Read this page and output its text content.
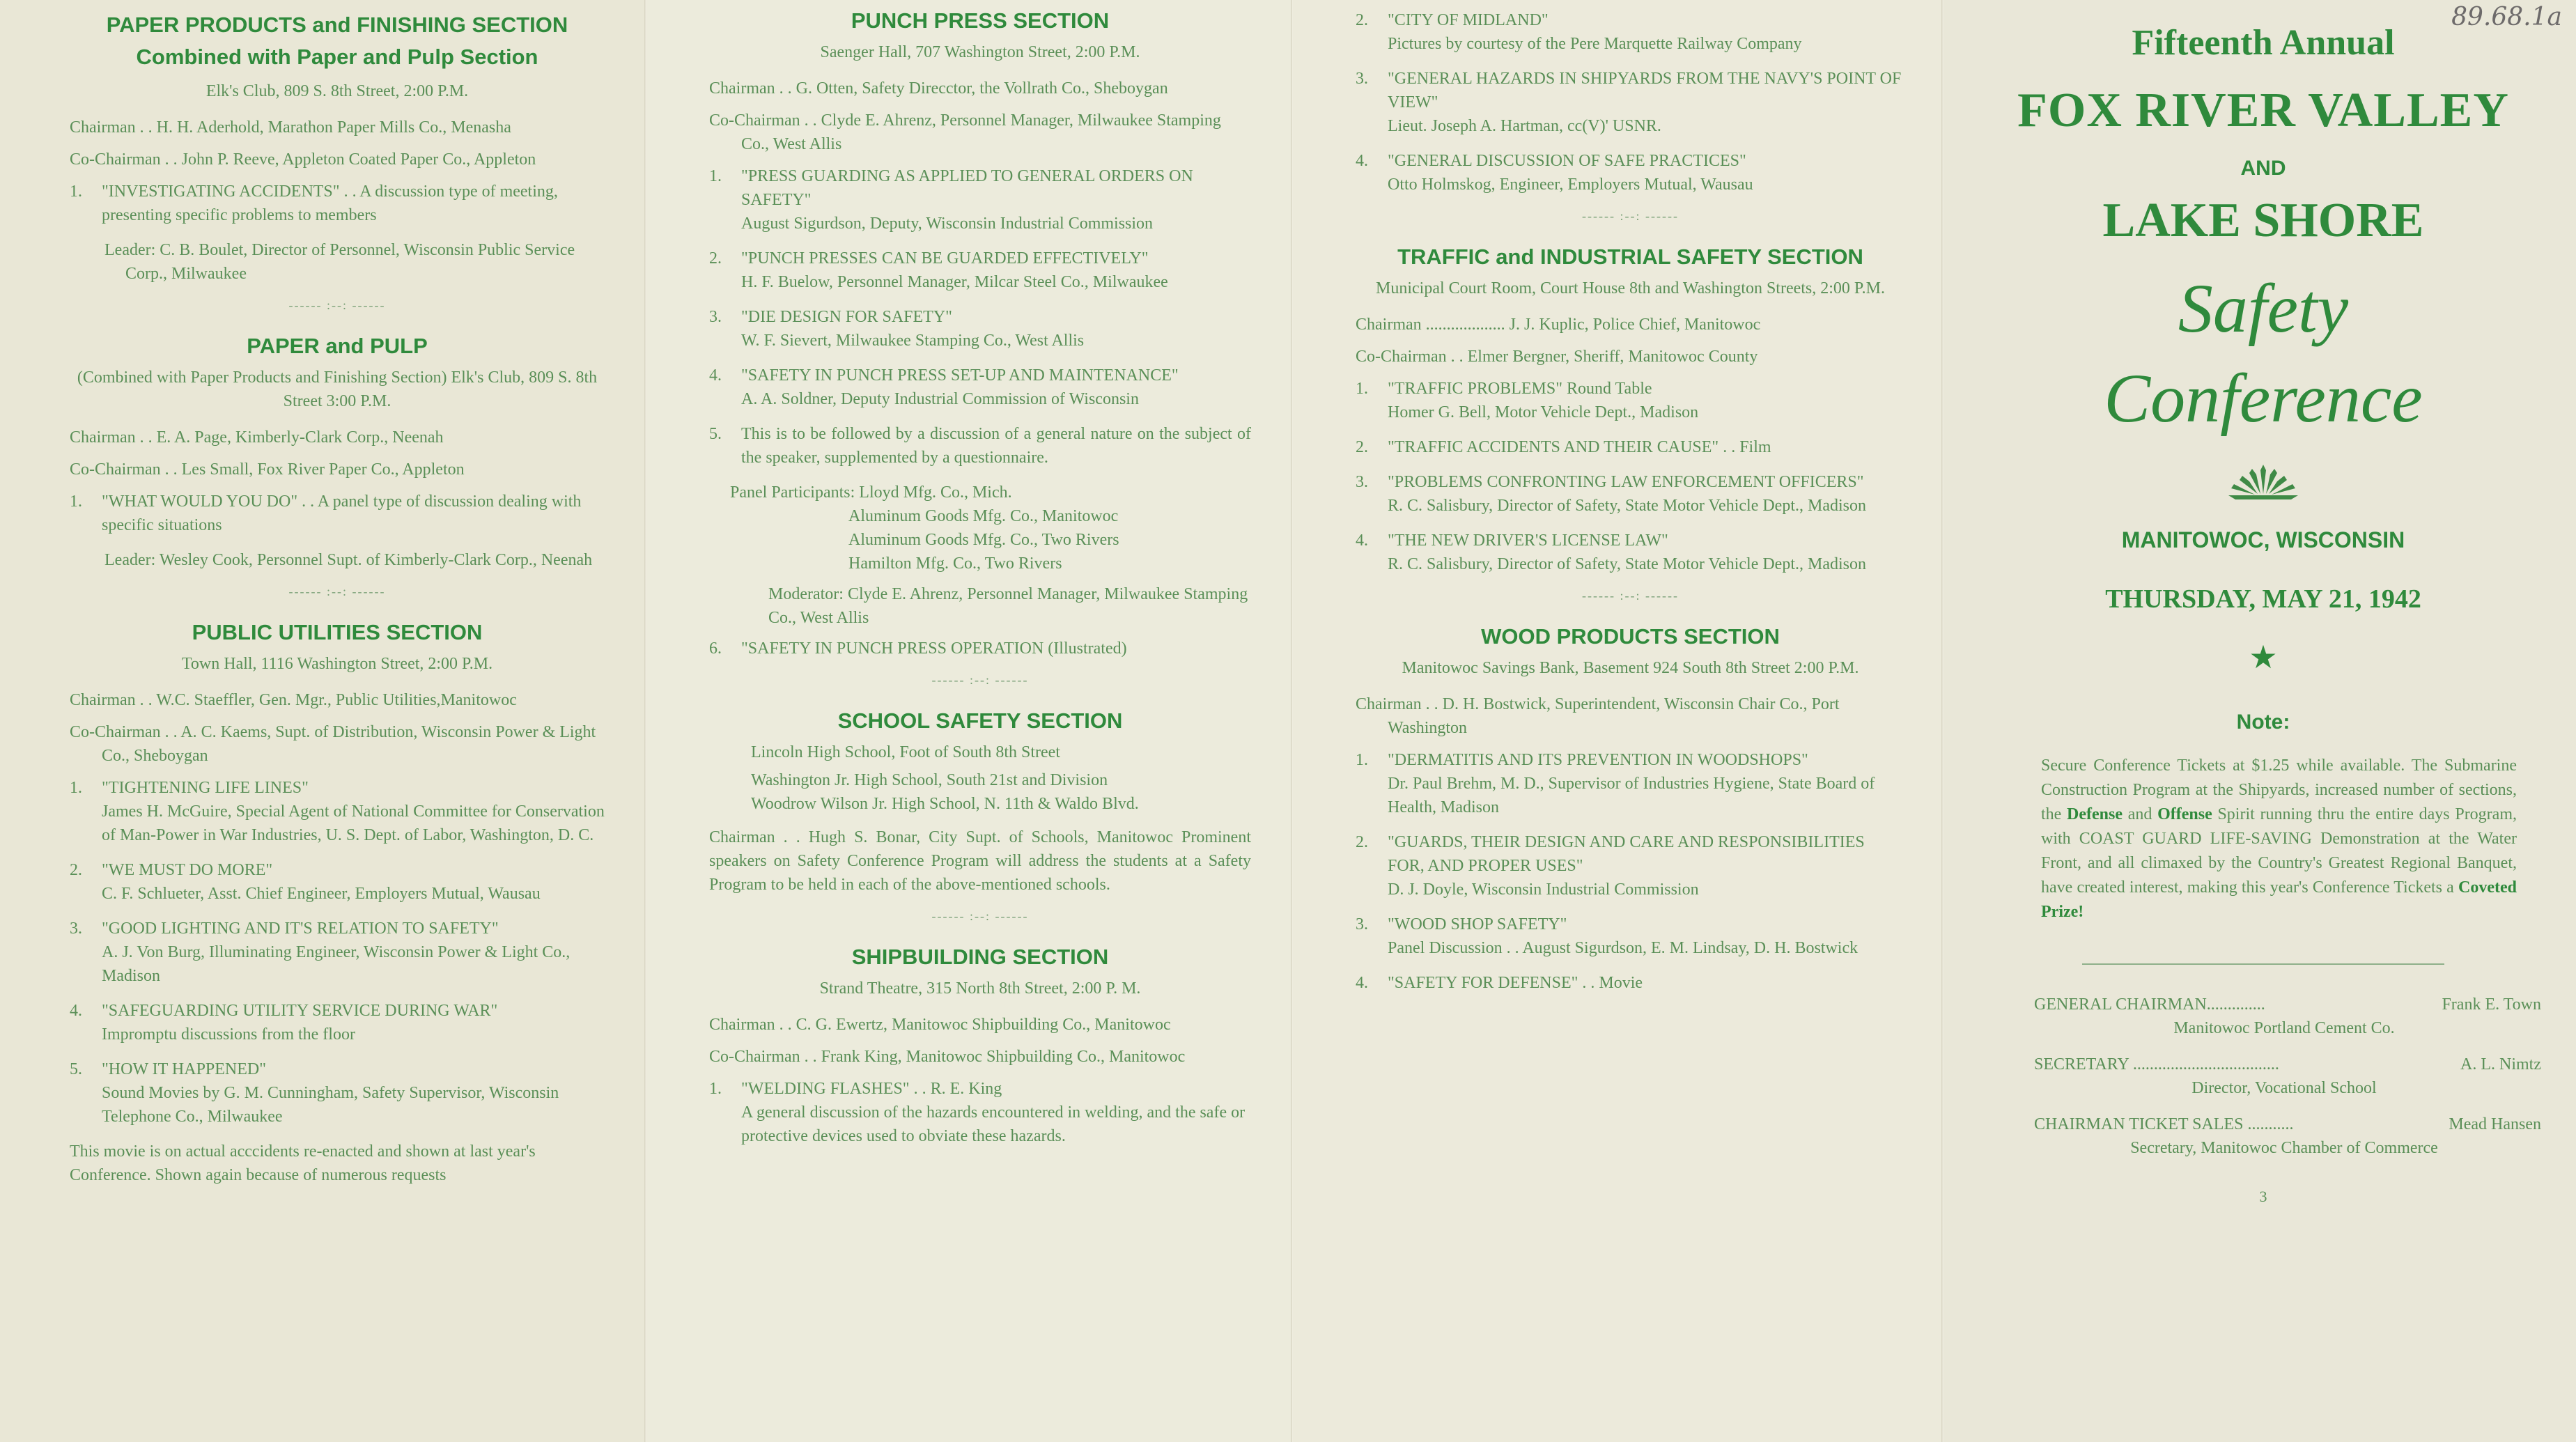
PAPER PRODUCTS and FINISHING SECTION
Combined with Paper and Pulp Section
Elk's Club, 809 S. 8th Street, 2:00 P.M.
Chairman . . H. H. Aderhold, Marathon Paper Mills Co., Menasha
Co-Chairman . . John P. Reeve, Appleton Coated Paper Co., Appleton
1.	"INVESTIGATING ACCIDENTS" . . A discussion type of meeting, presenting specific problems to members
Leader: C. B. Boulet, Director of Personnel, Wisconsin Public Service Corp., Milwaukee
------ :--: ------
PAPER and PULP
(Combined with Paper Products and Finishing Section) Elk's Club, 809 S. 8th Street 3:00 P.M.
Chairman . . E. A. Page, Kimberly-Clark Corp., Neenah
Co-Chairman . . Les Small, Fox River Paper Co., Appleton
1.	"WHAT WOULD YOU DO" . . A panel type of discussion dealing with specific situations
Leader: Wesley Cook, Personnel Supt. of Kimberly-Clark Corp., Neenah
------ :--: ------
PUBLIC UTILITIES SECTION
Town Hall, 1116 Washington Street, 2:00 P.M.
Chairman . . W.C. Staeffler, Gen. Mgr., Public Utilities,Manitowoc
Co-Chairman . . A. C. Kaems, Supt. of Distribution, Wisconsin Power & Light Co., Sheboygan
1.	"TIGHTENING LIFE LINES"
James H. McGuire, Special Agent of National Committee for Conservation of Man-Power in War Industries, U. S. Dept. of Labor, Washington, D. C.
2.	"WE MUST DO MORE"
C. F. Schlueter, Asst. Chief Engineer, Employers Mutual, Wausau
3.	"GOOD LIGHTING AND IT'S RELATION TO SAFETY"
A. J. Von Burg, Illuminating Engineer, Wisconsin Power & Light Co., Madison
4.	"SAFEGUARDING UTILITY SERVICE DURING WAR"
Impromptu discussions from the floor
5.	"HOW IT HAPPENED"
Sound Movies by G. M. Cunningham, Safety Supervisor, Wisconsin Telephone Co., Milwaukee
This movie is on actual acccidents re-enacted and shown at last year's Conference. Shown again because of numerous requests
PUNCH PRESS SECTION
Saenger Hall, 707 Washington Street, 2:00 P.M.
Chairman . . G. Otten, Safety Direcctor, the Vollrath Co., Sheboygan
Co-Chairman . . Clyde E. Ahrenz, Personnel Manager, Milwaukee Stamping Co., West Allis
1.	"PRESS GUARDING AS APPLIED TO GENERAL ORDERS ON SAFETY"
August Sigurdson, Deputy, Wisconsin Industrial Commission
2.	"PUNCH PRESSES CAN BE GUARDED EFFECTIVELY"
H. F. Buelow, Personnel Manager, Milcar Steel Co., Milwaukee
3.	"DIE DESIGN FOR SAFETY"
W. F. Sievert, Milwaukee Stamping Co., West Allis
4.	"SAFETY IN PUNCH PRESS SET-UP AND MAINTENANCE"
A. A. Soldner, Deputy Industrial Commission of Wisconsin
5.	This is to be followed by a discussion of a general nature on the subject of the speaker, supplemented by a questionnaire.
Panel Participants: Lloyd Mfg. Co., Mich.
Aluminum Goods Mfg. Co., Manitowoc
Aluminum Goods Mfg. Co., Two Rivers
Hamilton Mfg. Co., Two Rivers
Moderator: Clyde E. Ahrenz, Personnel Manager, Milwaukee Stamping Co., West Allis
6.	"SAFETY IN PUNCH PRESS OPERATION (Illustrated)
------ :--: ------
SCHOOL SAFETY SECTION
Lincoln High School, Foot of South 8th Street
Washington Jr. High School, South 21st and Division
Woodrow Wilson Jr. High School, N. 11th & Waldo Blvd.
Chairman . . Hugh S. Bonar, City Supt. of Schools, Manitowoc Prominent speakers on Safety Conference Program will address the students at a Safety Program to be held in each of the above-mentioned schools.
------ :--: ------
SHIPBUILDING SECTION
Strand Theatre, 315 North 8th Street, 2:00 P. M.
Chairman . . C. G. Ewertz, Manitowoc Shipbuilding Co., Manitowoc
Co-Chairman . . Frank King, Manitowoc Shipbuilding Co., Manitowoc
1.	"WELDING FLASHES" . . R. E. King
A general discussion of the hazards encountered in welding, and the safe or protective devices used to obviate these hazards.
2.	"CITY OF MIDLAND"
Pictures by courtesy of the Pere Marquette Railway Company
3.	"GENERAL HAZARDS IN SHIPYARDS FROM THE NAVY'S POINT OF VIEW"
Lieut. Joseph A. Hartman, cc(V)' USNR.
4.	"GENERAL DISCUSSION OF SAFE PRACTICES"
Otto Holmskog, Engineer, Employers Mutual, Wausau
------ :--: ------
TRAFFIC and INDUSTRIAL SAFETY SECTION
Municipal Court Room, Court House 8th and Washington Streets, 2:00 P.M.
Chairman ................... J. J. Kuplic, Police Chief, Manitowoc
Co-Chairman . . Elmer Bergner, Sheriff, Manitowoc County
1.	"TRAFFIC PROBLEMS" Round Table
Homer G. Bell, Motor Vehicle Dept., Madison
2.	"TRAFFIC ACCIDENTS AND THEIR CAUSE" . . Film
3.	"PROBLEMS CONFRONTING LAW ENFORCEMENT OFFICERS"
R. C. Salisbury, Director of Safety, State Motor Vehicle Dept., Madison
4.	"THE NEW DRIVER'S LICENSE LAW"
R. C. Salisbury, Director of Safety, State Motor Vehicle Dept., Madison
------ :--: ------
WOOD PRODUCTS SECTION
Manitowoc Savings Bank, Basement 924 South 8th Street 2:00 P.M.
Chairman . . D. H. Bostwick, Superintendent, Wisconsin Chair Co., Port Washington
1.	"DERMATITIS AND ITS PREVENTION IN WOODSHOPS"
Dr. Paul Brehm, M. D., Supervisor of Industries Hygiene, State Board of Health, Madison
2.	"GUARDS, THEIR DESIGN AND CARE AND RESPONSIBILITIES FOR, AND PROPER USES"
D. J. Doyle, Wisconsin Industrial Commission
3.	"WOOD SHOP SAFETY"
Panel Discussion . . August Sigurdson, E. M. Lindsay, D. H. Bostwick
4.	"SAFETY FOR DEFENSE" . . Movie
89.68.1a
Fifteenth Annual
FOX RIVER VALLEY
AND
LAKE SHORE
Safety
Conference
MANITOWOC, WISCONSIN
THURSDAY, MAY 21, 1942
★
Note:
Secure Conference Tickets at $1.25 while available. The Submarine Construction Program at the Shipyards, increased number of sections, the Defense and Offense Spirit running thru the entire days Program, with COAST GUARD LIFE-SAVING Demonstration at the Water Front, and all climaxed by the Country's Greatest Regional Banquet, have created interest, making this year's Conference Tickets a Coveted Prize!
GENERAL CHAIRMAN..............	Frank E. Town
Manitowoc Portland Cement Co.
SECRETARY ...................................	A. L. Nimtz
Director, Vocational School
CHAIRMAN TICKET SALES ...........	Mead Hansen
Secretary, Manitowoc Chamber of Commerce
3
